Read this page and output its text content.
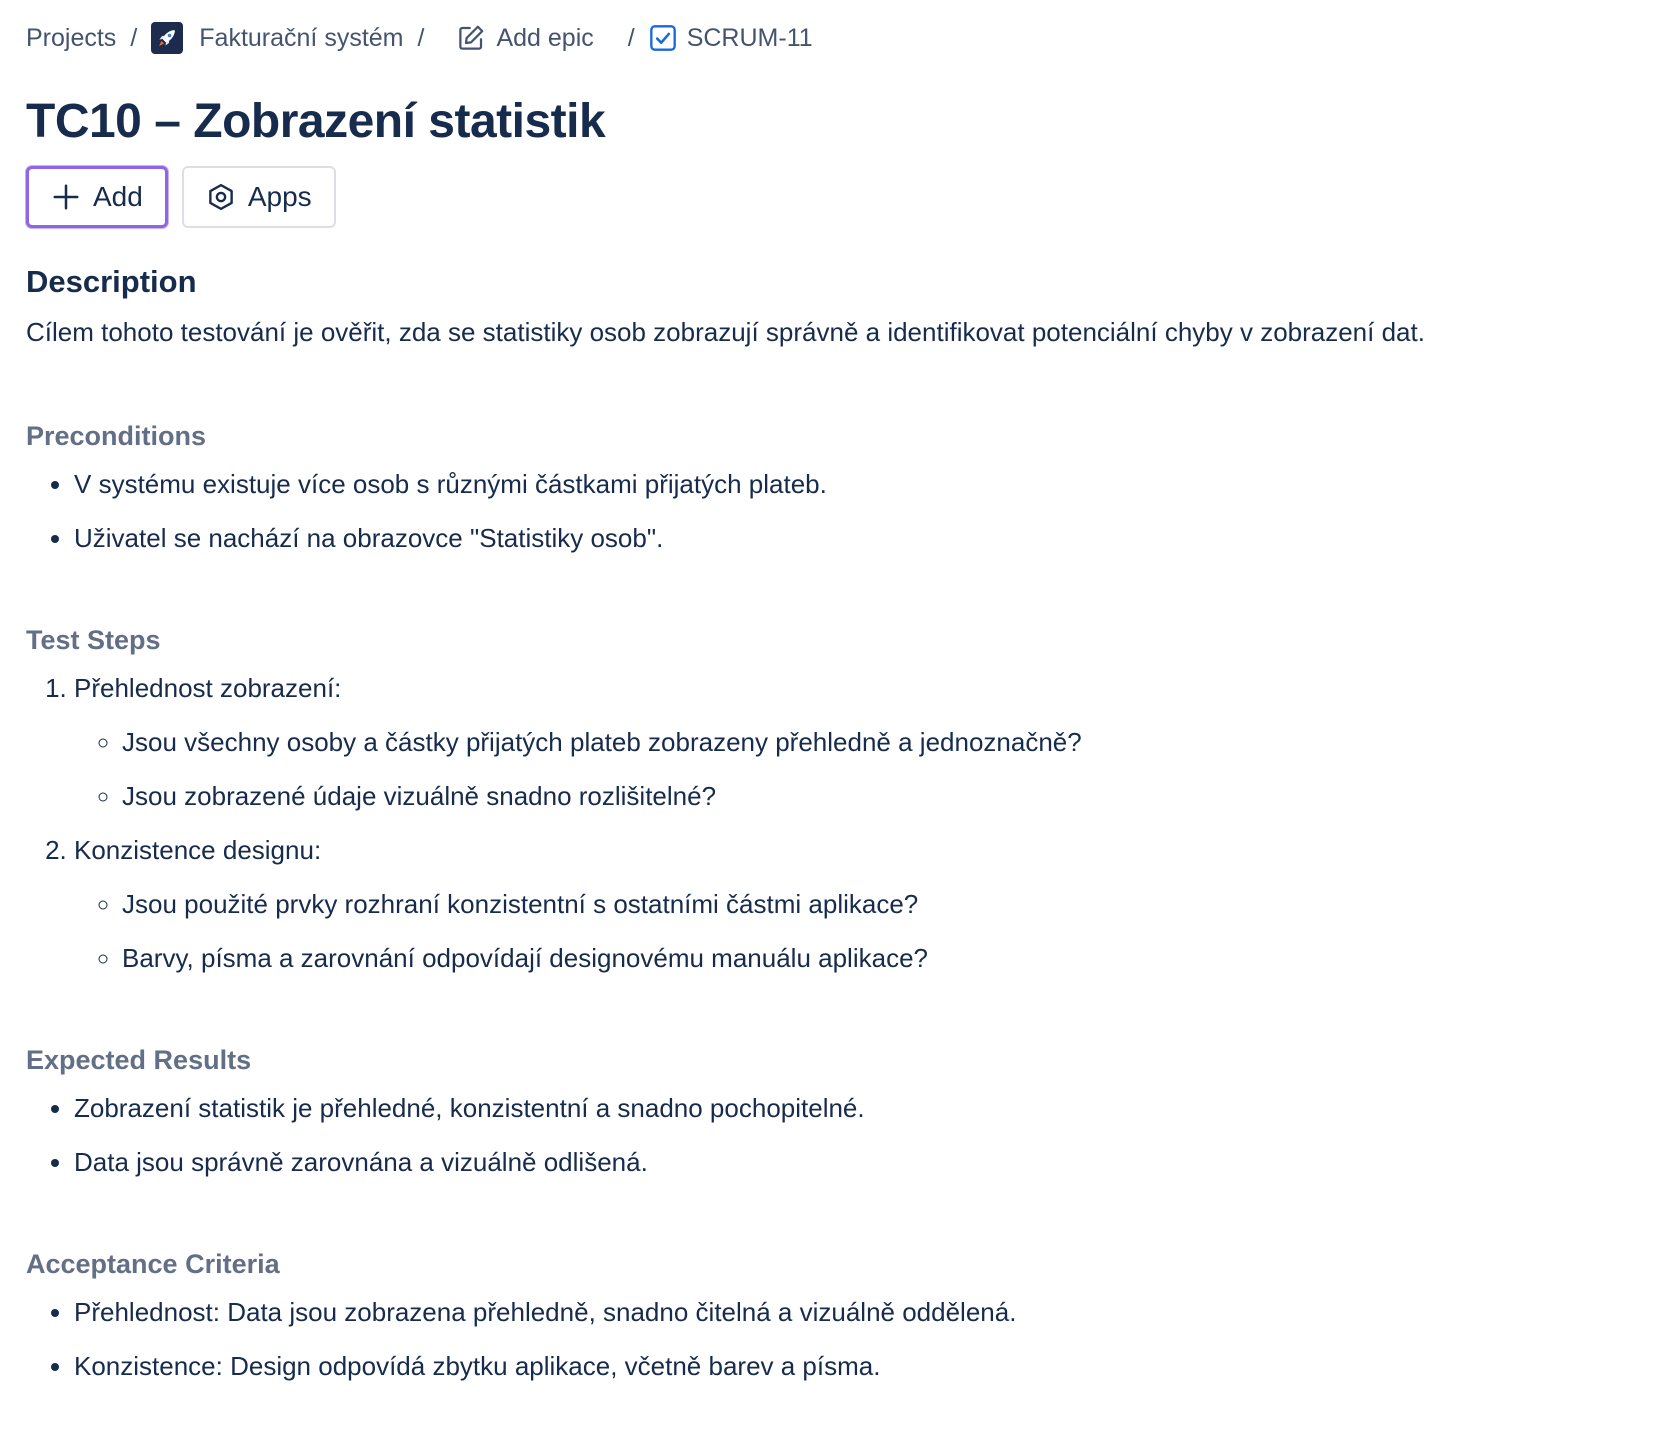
Projects / Fakturační systém /	Add epic / SCRUM-11
TC10 – Zobrazení statistik
Add	Apps
Description

Cílem tohoto testování je ověřit, zda se statistiky osob zobrazují správně a identifikovat potenciální chyby v zobrazení dat.

Preconditions
• V systému existuje více osob s různými částkami přijatých plateb.
• Uživatel se nachází na obrazovce "Statistiky osob".
Test Steps
1. Přehlednost zobrazení:
◦ Jsou všechny osoby a částky přijatých plateb zobrazeny přehledně a jednoznačně?
◦ Jsou zobrazené údaje vizuálně snadno rozlišitelné?
2. Konzistence designu:
◦ Jsou použité prvky rozhraní konzistentní s ostatními částmi aplikace?
◦ Barvy, písma a zarovnání odpovídají designovému manuálu aplikace?
Expected Results
• Zobrazení statistik je přehledné, konzistentní a snadno pochopitelné.
• Data jsou správně zarovnána a vizuálně odlišená.
Acceptance Criteria
• Přehlednost: Data jsou zobrazena přehledně, snadno čitelná a vizuálně oddělená.
• Konzistence: Design odpovídá zbytku aplikace, včetně barev a písma.
